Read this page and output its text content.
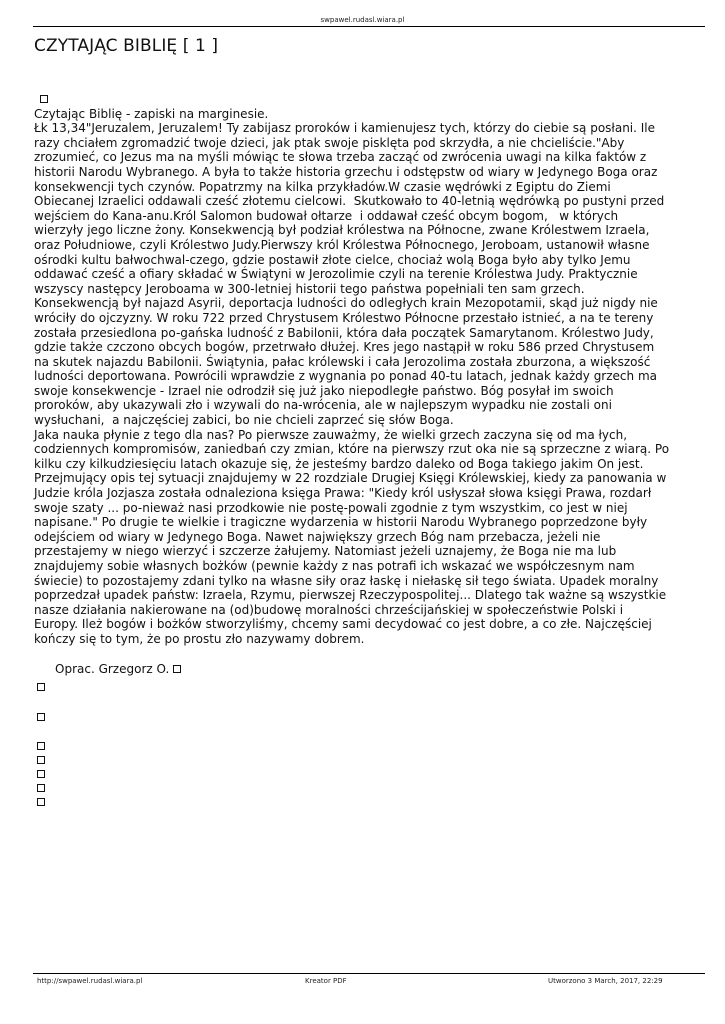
swpawel.rudasl.wiara.pl
CZYTAJĄC BIBLIĘ [ 1 ]
Czytając Biblię - zapiski na marginesie.
Łk 13,34"Jeruzalem, Jeruzalem! Ty zabijasz proroków i kamienujesz tych, którzy do ciebie są posłani. Ile
razy chciałem zgromadzić twoje dzieci, jak ptak swoje pisklęta pod skrzydła, a nie chcieliście."Aby
zrozumieć, co Jezus ma na myśli mówiąc te słowa trzeba zacząć od zwrócenia uwagi na kilka faktów z
historii Narodu Wybranego. A była to także historia grzechu i odstępstw od wiary w Jedynego Boga oraz
konsekwencji tych czynów. Popatrzmy na kilka przykładów.W czasie wędrówki z Egiptu do Ziemi
Obiecanej Izraelici oddawali cześć złotemu cielcowi.  Skutkowało to 40-letnią wędrówką po pustyni przed
wejściem do Kana-anu.Król Salomon budował ołtarze  i oddawał cześć obcym bogom,   w których
wierzyły jego liczne żony. Konsekwencją był podział królestwa na Północne, zwane Królestwem Izraela,
oraz Południowe, czyli Królestwo Judy.Pierwszy król Królestwa Północnego, Jeroboam, ustanowił własne
ośrodki kultu bałwochwal-czego, gdzie postawił złote cielce, chociaż wolą Boga było aby tylko Jemu
oddawać cześć a ofiary składać w Świątyni w Jerozolimie czyli na terenie Królestwa Judy. Praktycznie
wszyscy następcy Jeroboama w 300-letniej historii tego państwa popełniali ten sam grzech.
Konsekwencją był najazd Asyrii, deportacja ludności do odległych krain Mezopotamii, skąd już nigdy nie
wróciły do ojczyzny. W roku 722 przed Chrystusem Królestwo Północne przestało istnieć, a na te tereny
została przesiedlona po-gańska ludność z Babilonii, która dała początek Samarytanom. Królestwo Judy,
gdzie także czczono obcych bogów, przetrwało dłużej. Kres jego nastąpił w roku 586 przed Chrystusem
na skutek najazdu Babilonii. Świątynia, pałac królewski i cała Jerozolima została zburzona, a większość
ludności deportowana. Powrócili wprawdzie z wygnania po ponad 40-tu latach, jednak każdy grzech ma
swoje konsekwencje - Izrael nie odrodził się już jako niepodległe państwo. Bóg posyłał im swoich
proroków, aby ukazywali zło i wzywali do na-wrócenia, ale w najlepszym wypadku nie zostali oni
wysłuchani,  a najczęściej zabici, bo nie chcieli zaprzeć się słów Boga.
Jaka nauka płynie z tego dla nas? Po pierwsze zauważmy, że wielki grzech zaczyna się od ma łych,
codziennych kompromisów, zaniedbań czy zmian, które na pierwszy rzut oka nie są sprzeczne z wiarą. Po
kilku czy kilkudziesięciu latach okazuje się, że jesteśmy bardzo daleko od Boga takiego jakim On jest.
Przejmujący opis tej sytuacji znajdujemy w 22 rozdziale Drugiej Księgi Królewskiej, kiedy za panowania w
Judzie króla Jozjasza została odnaleziona księga Prawa: "Kiedy król usłyszał słowa księgi Prawa, rozdarł
swoje szaty ... po-nieważ nasi przodkowie nie postę-powali zgodnie z tym wszystkim, co jest w niej
napisane." Po drugie te wielkie i tragiczne wydarzenia w historii Narodu Wybranego poprzedzone były
odejściem od wiary w Jedynego Boga. Nawet największy grzech Bóg nam przebacza, jeżeli nie
przestajemy w niego wierzyć i szczerze żałujemy. Natomiast jeżeli uznajemy, że Boga nie ma lub
znajdujemy sobie własnych bożków (pewnie każdy z nas potrafi ich wskazać we współczesnym nam
świecie) to pozostajemy zdani tylko na własne siły oraz łaskę i niełaskę sił tego świata. Upadek moralny
poprzedzał upadek państw: Izraela, Rzymu, pierwszej Rzeczypospolitej... Dlatego tak ważne są wszystkie
nasze działania nakierowane na (od)budowę moralności chrześcijańskiej w społeczeństwie Polski i
Europy. Ileż bogów i bożków stworzyliśmy, chcemy sami decydować co jest dobre, a co złe. Najczęściej
kończy się to tym, że po prostu zło nazywamy dobrem.
Oprac. Grzegorz O.
http://swpawel.rudasl.wiara.pl	Kreator PDF	Utworzono 3 March, 2017, 22:29
